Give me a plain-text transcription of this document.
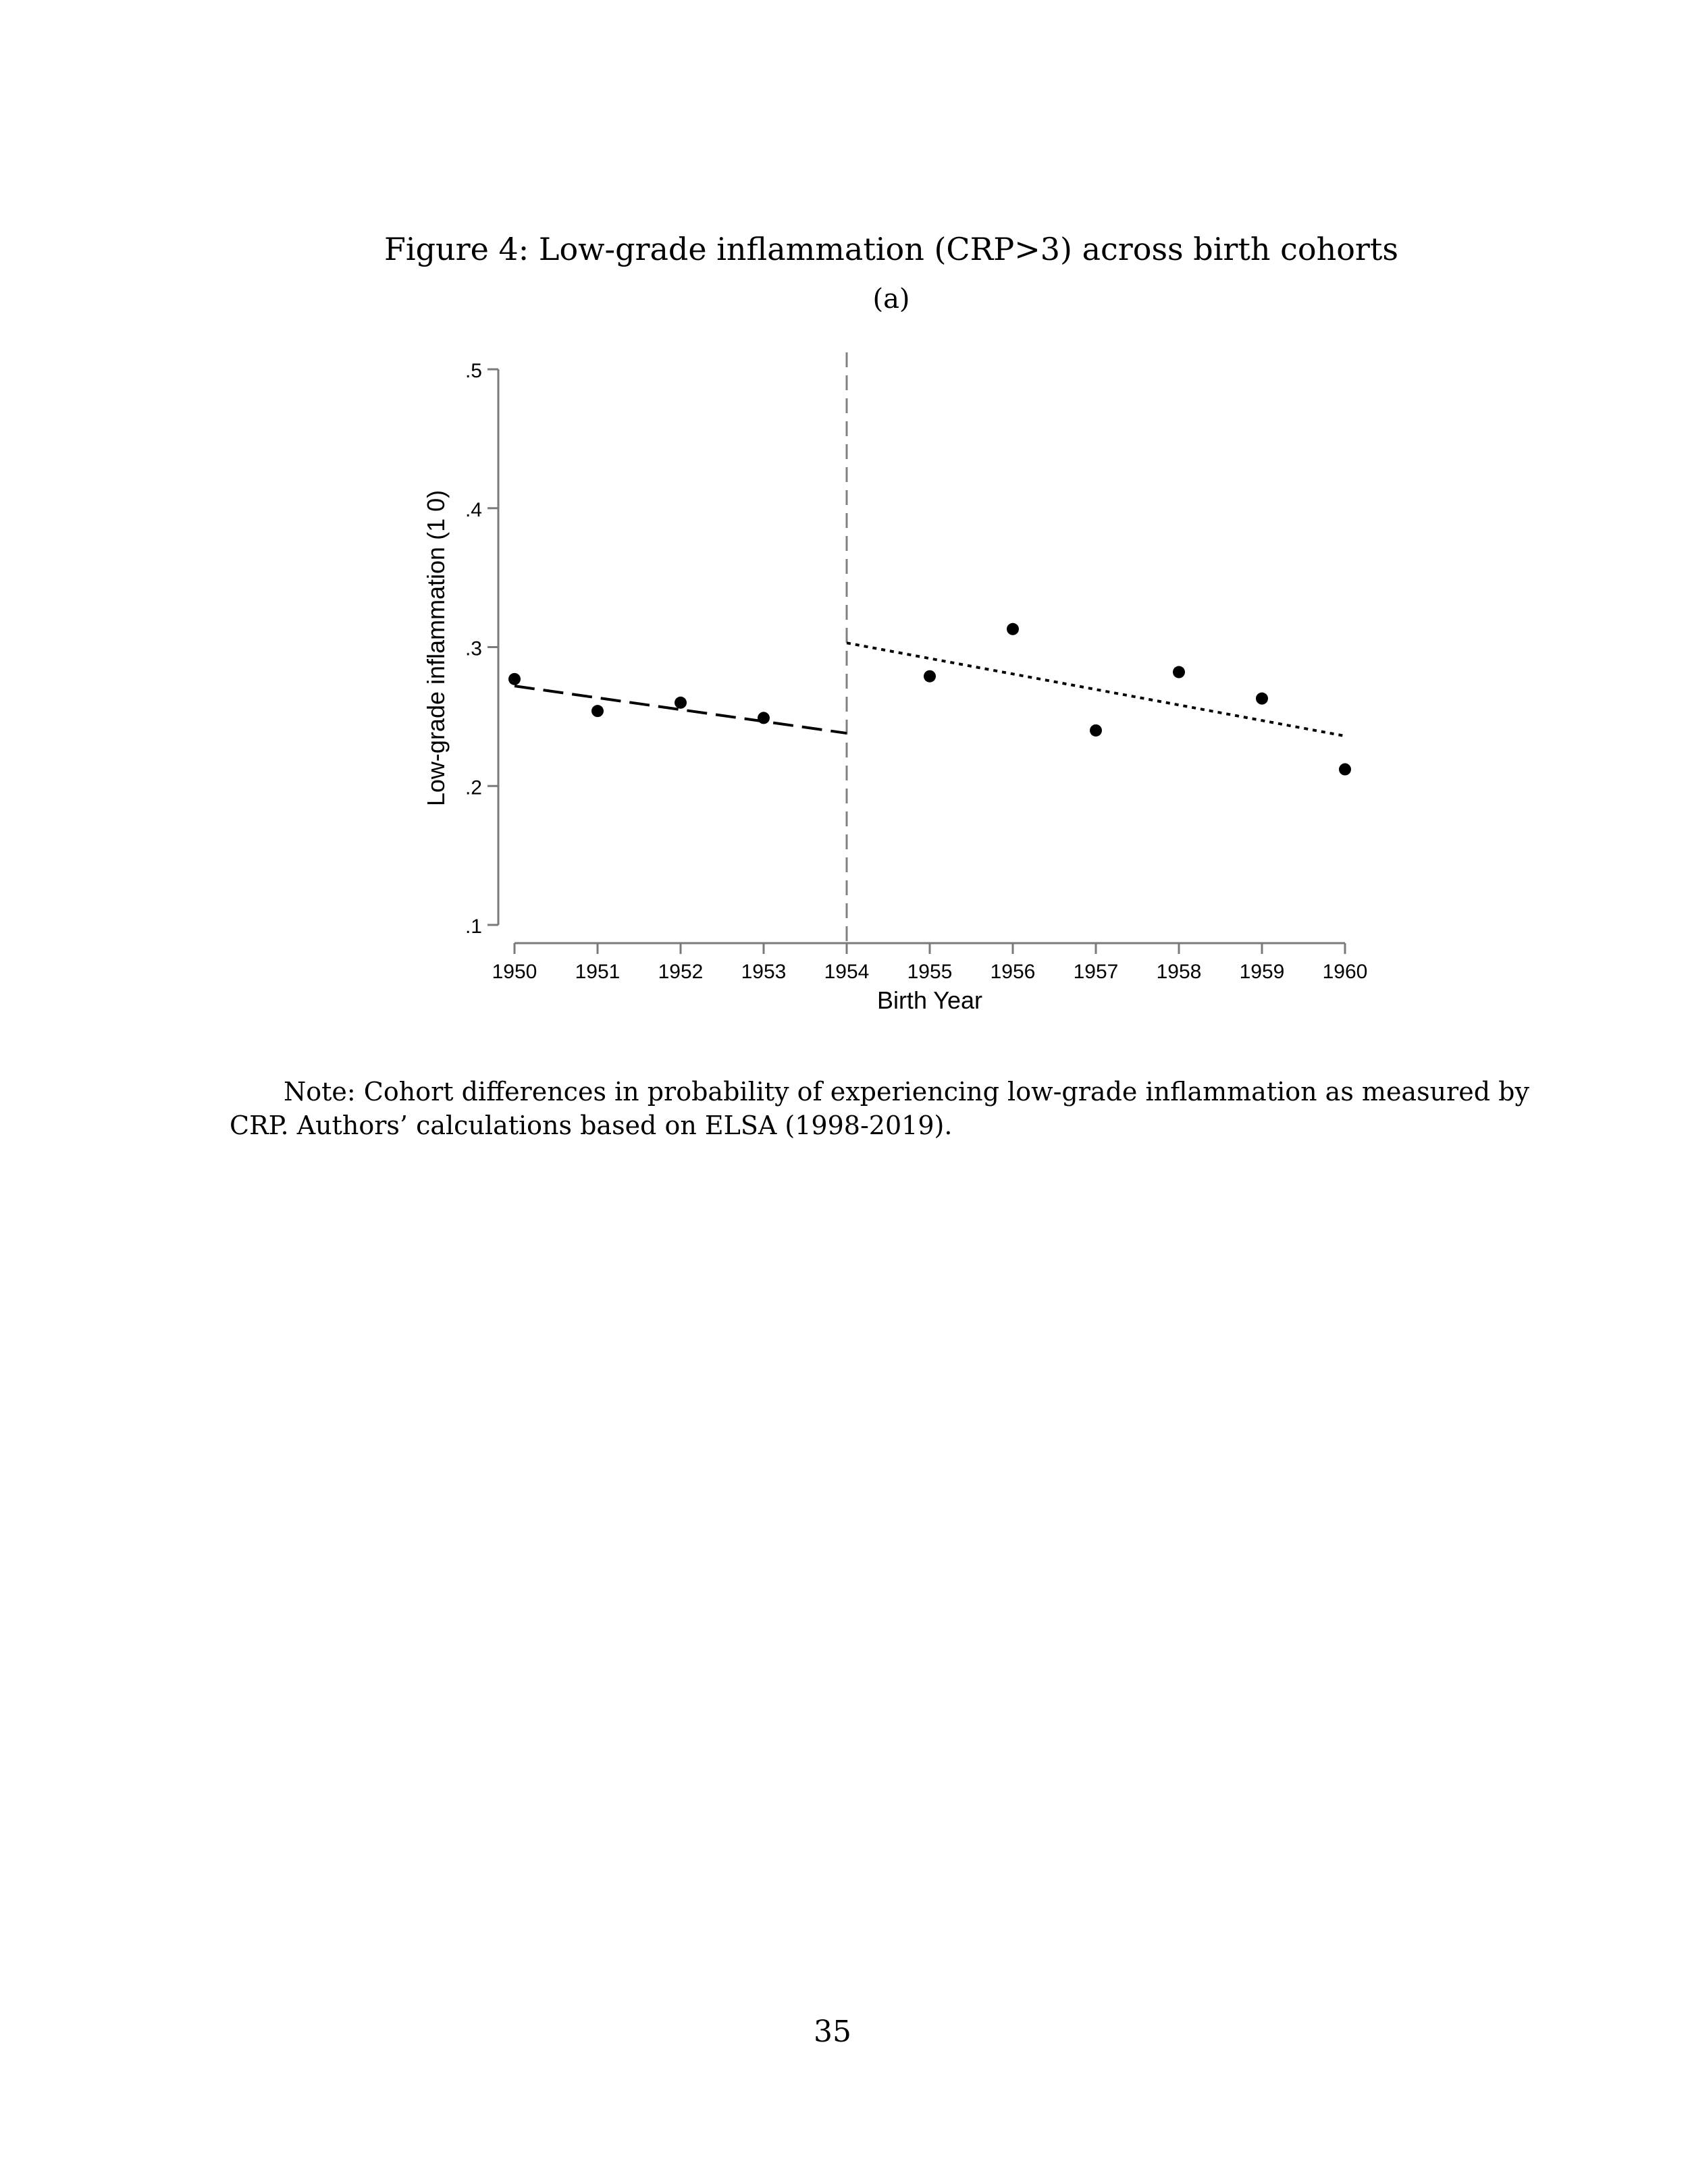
Figure 4: Low-grade inflammation (CRP>3) across birth cohorts
(a)
.1
.2
.3
.4
.5
1950 1951 1952 1953 1954 1955 1956 1957 1958 1959 1960
Low-grade inflammation (1 0)
Birth Year
Note: Cohort differences in probability of experiencing low-grade inflammation as measured by CRP. Authors’ calculations based on ELSA (1998-2019).
35
